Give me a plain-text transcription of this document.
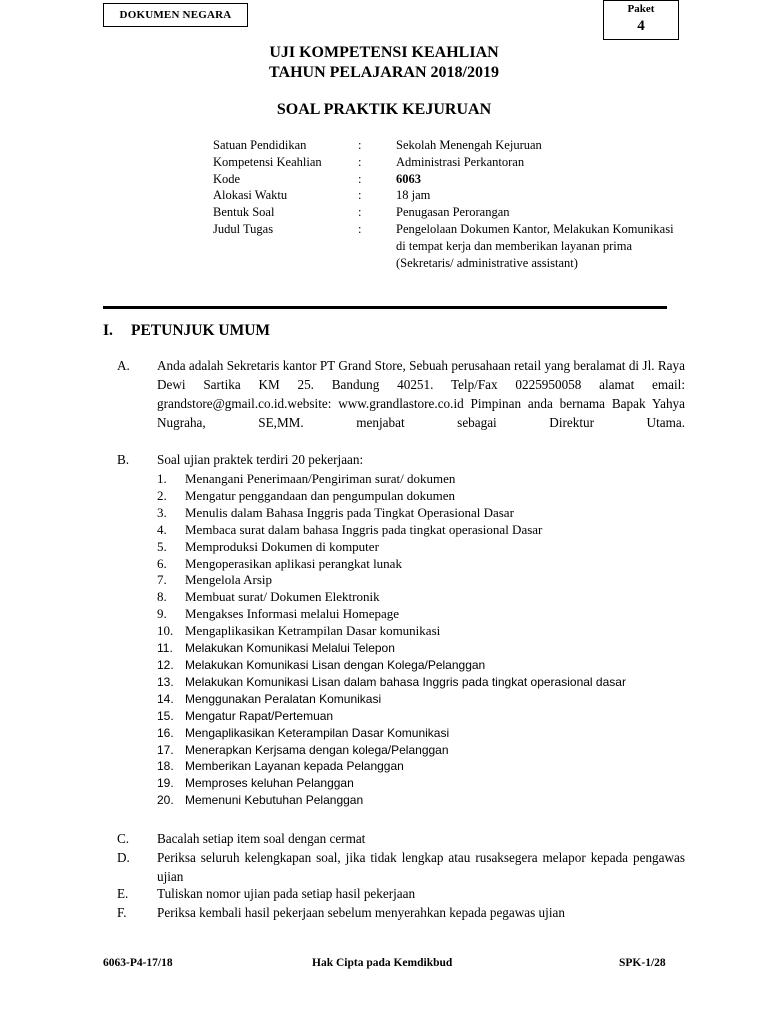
DOKUMEN NEGARA	Paket
4
UJI KOMPETENSI KEAHLIAN
TAHUN PELAJARAN 2018/2019
SOAL PRAKTIK KEJURUAN
Satuan Pendidikan	:	Sekolah Menengah Kejuruan
Kompetensi Keahlian	:	Administrasi Perkantoran
Kode	:	6063
Alokasi Waktu	:	18 jam
Bentuk Soal	:	Penugasan Perorangan
Judul Tugas	:	Pengelolaan Dokumen Kantor, Melakukan Komunikasi di tempat kerja dan memberikan layanan prima (Sekretaris/ administrative assistant)
I. PETUNJUK UMUM
A. Anda adalah Sekretaris kantor PT Grand Store, Sebuah perusahaan retail yang beralamat di Jl. Raya Dewi Sartika KM 25. Bandung 40251. Telp/Fax 0225950058 alamat email: grandstore@gmail.co.id.website: www.grandlastore.co.id Pimpinan anda bernama Bapak Yahya Nugraha, SE,MM. menjabat sebagai Direktur Utama.
B. Soal ujian praktek terdiri 20 pekerjaan:
1.	Menangani Penerimaan/Pengiriman surat/ dokumen
2.	Mengatur penggandaan dan pengumpulan dokumen
3.	Menulis dalam Bahasa Inggris pada Tingkat Operasional Dasar
4.	Membaca surat dalam bahasa Inggris pada tingkat operasional Dasar
5.	Memproduksi Dokumen di komputer
6.	Mengoperasikan aplikasi perangkat lunak
7.	Mengelola Arsip
8.	Membuat surat/ Dokumen Elektronik
9.	Mengakses Informasi melalui Homepage
10. Mengaplikasikan Ketrampilan Dasar komunikasi
11.	Melakukan Komunikasi Melalui Telepon
12. Melakukan Komunikasi Lisan dengan Kolega/Pelanggan
13. Melakukan Komunikasi Lisan dalam bahasa Inggris pada tingkat operasional dasar
14. Menggunakan Peralatan Komunikasi
15. Mengatur Rapat/Pertemuan
16. Mengaplikasikan Keterampilan Dasar Komunikasi
17. Menerapkan Kerjsama dengan kolega/Pelanggan
18. Memberikan Layanan kepada Pelanggan
19. Memproses keluhan Pelanggan
20. Memenuni Kebutuhan Pelanggan
C. Bacalah setiap item soal dengan cermat
D. Periksa seluruh kelengkapan soal, jika tidak lengkap atau rusaksegera melapor kepada pengawas ujian
E. Tuliskan nomor ujian pada setiap hasil pekerjaan
F. Periksa kembali hasil pekerjaan sebelum menyerahkan kepada pegawas ujian
6063-P4-17/18	Hak Cipta pada Kemdikbud	SPK-1/28
